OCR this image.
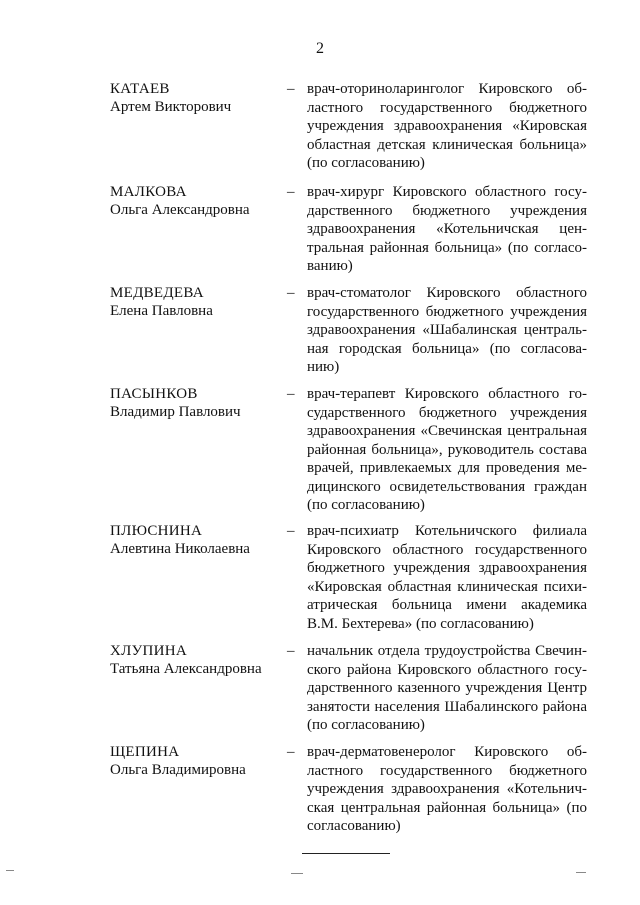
2
КАТАЕВ
Артем Викторович
– врач-оториноларинголог Кировского об-
ластного государственного бюджетного
учреждения здравоохранения «Кировская
областная детская клиническая больница»
(по согласованию)
МАЛКОВА
Ольга Александровна
– врач-хирург Кировского областного госу-
дарственного бюджетного учреждения
здравоохранения «Котельничская цен-
тральная районная больница» (по согласо-
ванию)
МЕДВЕДЕВА
Елена Павловна
– врач-стоматолог Кировского областного
государственного бюджетного учреждения
здравоохранения «Шабалинская централь-
ная городская больница» (по согласова-
нию)
ПАСЫНКОВ
Владимир Павлович
– врач-терапевт Кировского областного го-
сударственного бюджетного учреждения
здравоохранения «Свечинская центральная
районная больница», руководитель состава
врачей, привлекаемых для проведения ме-
дицинского освидетельствования граждан
(по согласованию)
ПЛЮСНИНА
Алевтина Николаевна
– врач-психиатр Котельничского филиала
Кировского областного государственного
бюджетного учреждения здравоохранения
«Кировская областная клиническая психи-
атрическая больница имени академика
В.М. Бехтерева» (по согласованию)
ХЛУПИНА
Татьяна Александровна
– начальник отдела трудоустройства Свечин-
ского района Кировского областного госу-
дарственного казенного учреждения Центр
занятости населения Шабалинского района
(по согласованию)
ЩЕПИНА
Ольга Владимировна
– врач-дерматовенеролог Кировского об-
ластного государственного бюджетного
учреждения здравоохранения «Котельнич-
ская центральная районная больница» (по
согласованию)
